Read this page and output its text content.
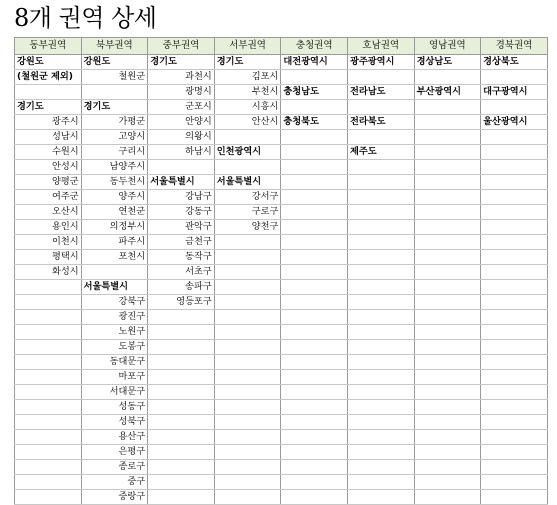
8개 권역 상세
동부권역	북부권역	중부권역	서부권역	충청권역	호남권역	영남권역	경북권역
강원도	강원도	경기도	경기도	대전광역시	광주광역시	경상남도	경상북도
(철원군 제외)	철원군	과천시	김포시				
		광명시	부천시	충청남도	전라남도	부산광역시	대구광역시
경기도	경기도	군포시	시흥시				
광주시	가평군	안양시	안산시	충청북도	전라북도		울산광역시
성남시	고양시	의왕시					
수원시	구리시	하남시	인천광역시		제주도		
안성시	남양주시						
양평군	동두천시	서울특별시	서울특별시				
여주군	양주시	강남구	강서구				
오산시	연천군	강동구	구로구				
용인시	의정부시	관악구	양천구				
이천시	파주시	금천구					
평택시	포천시	동작구					
화성시		서초구					
	서울특별시	송파구					
	강북구	영등포구					
	광진구						
	노원구						
	도봉구						
	동대문구						
	마포구						
	서대문구						
	성동구						
	성북구						
	용산구						
	은평구						
	종로구						
	중구						
	중랑구						
